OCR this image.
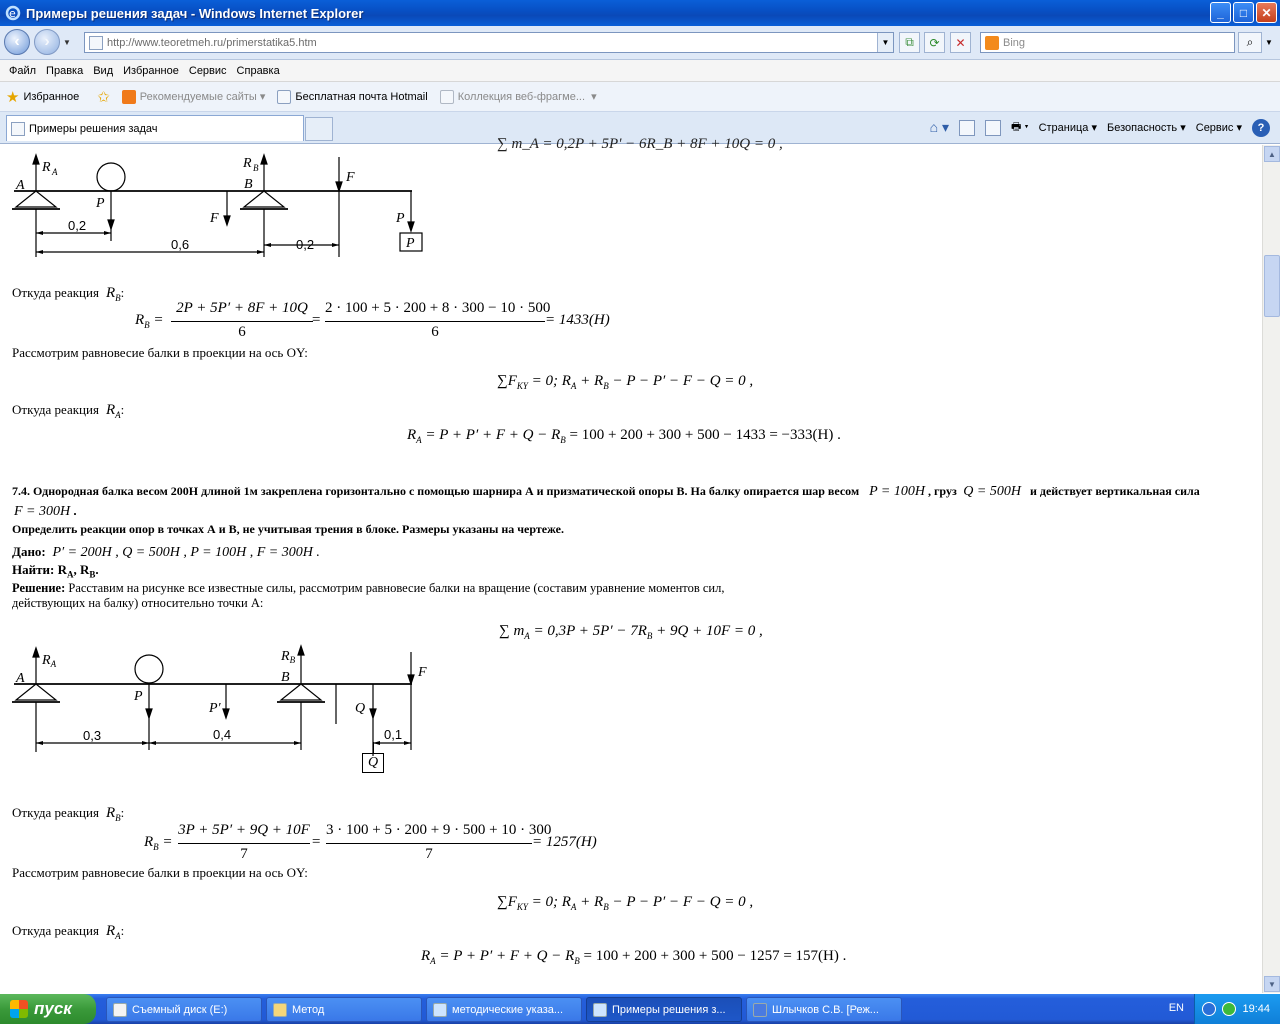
e Примеры решения задач - Windows Internet Explorer	_	□	✕
‹	›	▼	http://www.teoretmeh.ru/primerstatika5.htm	▼	⧉	⟳	✕	Bing	⌕	▼
Файл Правка Вид Избранное Сервис Справка
★ Избранное ✩	Рекомендуемые сайты ▾	Бесплатная почта Hotmail	Коллекция веб-фрагме... ▾
Примеры решения задач	⌂ ▾	🖶 ▾ Страница ▾ Безопасность ▾ Сервис ▾	?
∑ m_A = 0,2P + 5P' − 6R_B + 8F + 10Q = 0 ,
R A
R B
A	B
P
F
F
P
P
0,2
0,6	0,2
Откуда реакция  $R_B$:
$R_B$ =
2P + 5P′ + 8F + 10Q
6
=
2 · 100 + 5 · 200 + 8 · 300 − 10 · 500
6
= 1433(H)
Рассмотрим равновесие балки в проекции на ось OY:
$\sum F_{KY} = 0$; $R_A + R_B - P - P' - F - Q = 0$ ,
Откуда реакция  $R_A$:
$R_A = P + P' + F + Q - R_B = 100 + 200 + 300 + 500 - 1433 = -333(H)$ .
7.4. Однородная балка весом 200Н длиной 1м закреплена горизонтально с помощью шарнира А и призматической опоры В. На балку опирается шар весом P = 100H , груз Q = 500H и действует вертикальная сила
F = 300H .
Определить реакции опор в точках А и В, не учитывая трения в блоке. Размеры указаны на чертеже.
Дано: P′ = 200H , Q = 500H , P = 100H , F = 300H .
Найти: $R_A$, $R_B$.
Решение: Расставим на рисунке все известные силы, рассмотрим равновесие балки на вращение (составим уравнение моментов сил,
действующих на балку) относительно точки А:
∑ $m_A = 0,3P + 5P' - 7R_B + 9Q + 10F = 0$ ,
$R_A$	$R_B$
A	B
P
P′	Q
F
0,3	0,4	0,1
Q
Откуда реакция  $R_B$:
$R_B$ =
3P + 5P′ + 9Q + 10F
7
=
3 · 100 + 5 · 200 + 9 · 500 + 10 · 300
7
= 1257(H)
Рассмотрим равновесие балки в проекции на ось OY:
$\sum F_{KY} = 0$; $R_A + R_B - P - P' - F - Q = 0$ ,
Откуда реакция  $R_A$:
$R_A = P + P' + F + Q - R_B = 100 + 200 + 300 + 500 - 1257 = 157(H)$ .
▲
▼
пуск	Съемный диск (E:)	Метод	методические указа...	Примеры решения з...	Шлычков С.В. [Реж...	EN	19:44
